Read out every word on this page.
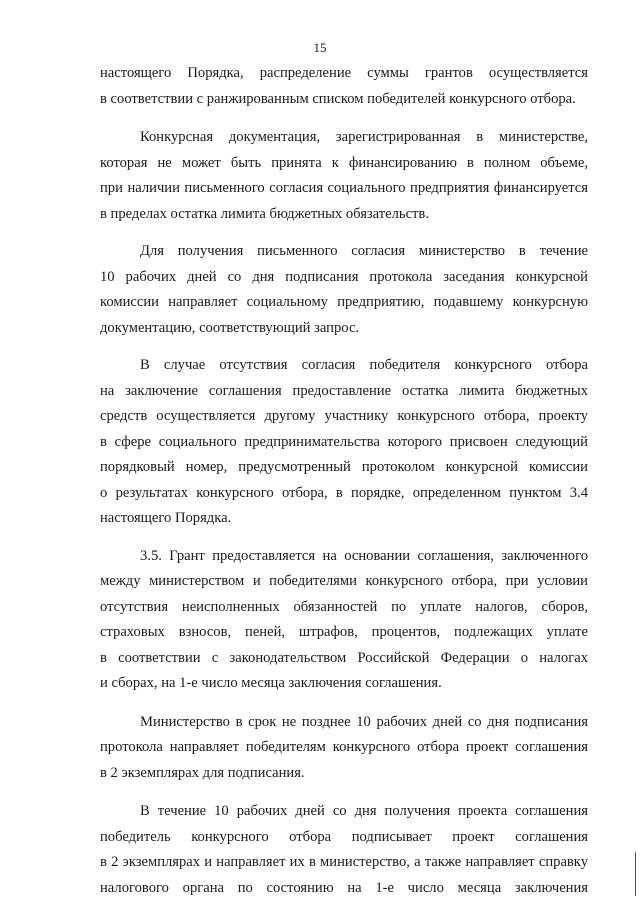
15
настоящего Порядка, распределение суммы грантов осуществляется
в соответствии с ранжированным списком победителей конкурсного отбора.
Конкурсная документация, зарегистрированная в министерстве,
которая не может быть принята к финансированию в полном объеме,
при наличии письменного согласия социального предприятия финансируется
в пределах остатка лимита бюджетных обязательств.
Для получения письменного согласия министерство в течение
10 рабочих дней со дня подписания протокола заседания конкурсной
комиссии направляет социальному предприятию, подавшему конкурсную
документацию, соответствующий запрос.
В случае отсутствия согласия победителя конкурсного отбора
на заключение соглашения предоставление остатка лимита бюджетных
средств осуществляется другому участнику конкурсного отбора, проекту
в сфере социального предпринимательства которого присвоен следующий
порядковый номер, предусмотренный протоколом конкурсной комиссии
о результатах конкурсного отбора, в порядке, определенном пунктом 3.4
настоящего Порядка.
3.5. Грант предоставляется на основании соглашения, заключенного
между министерством и победителями конкурсного отбора, при условии
отсутствия неисполненных обязанностей по уплате налогов, сборов,
страховых взносов, пеней, штрафов, процентов, подлежащих уплате
в соответствии с законодательством Российской Федерации о налогах
и сборах, на 1-е число месяца заключения соглашения.
Министерство в срок не позднее 10 рабочих дней со дня подписания
протокола направляет победителям конкурсного отбора проект соглашения
в 2 экземплярах для подписания.
В течение 10 рабочих дней со дня получения проекта соглашения
победитель конкурсного отбора подписывает проект соглашения
в 2 экземплярах и направляет их в министерство, а также направляет справку
налогового органа по состоянию на 1-е число месяца заключения
